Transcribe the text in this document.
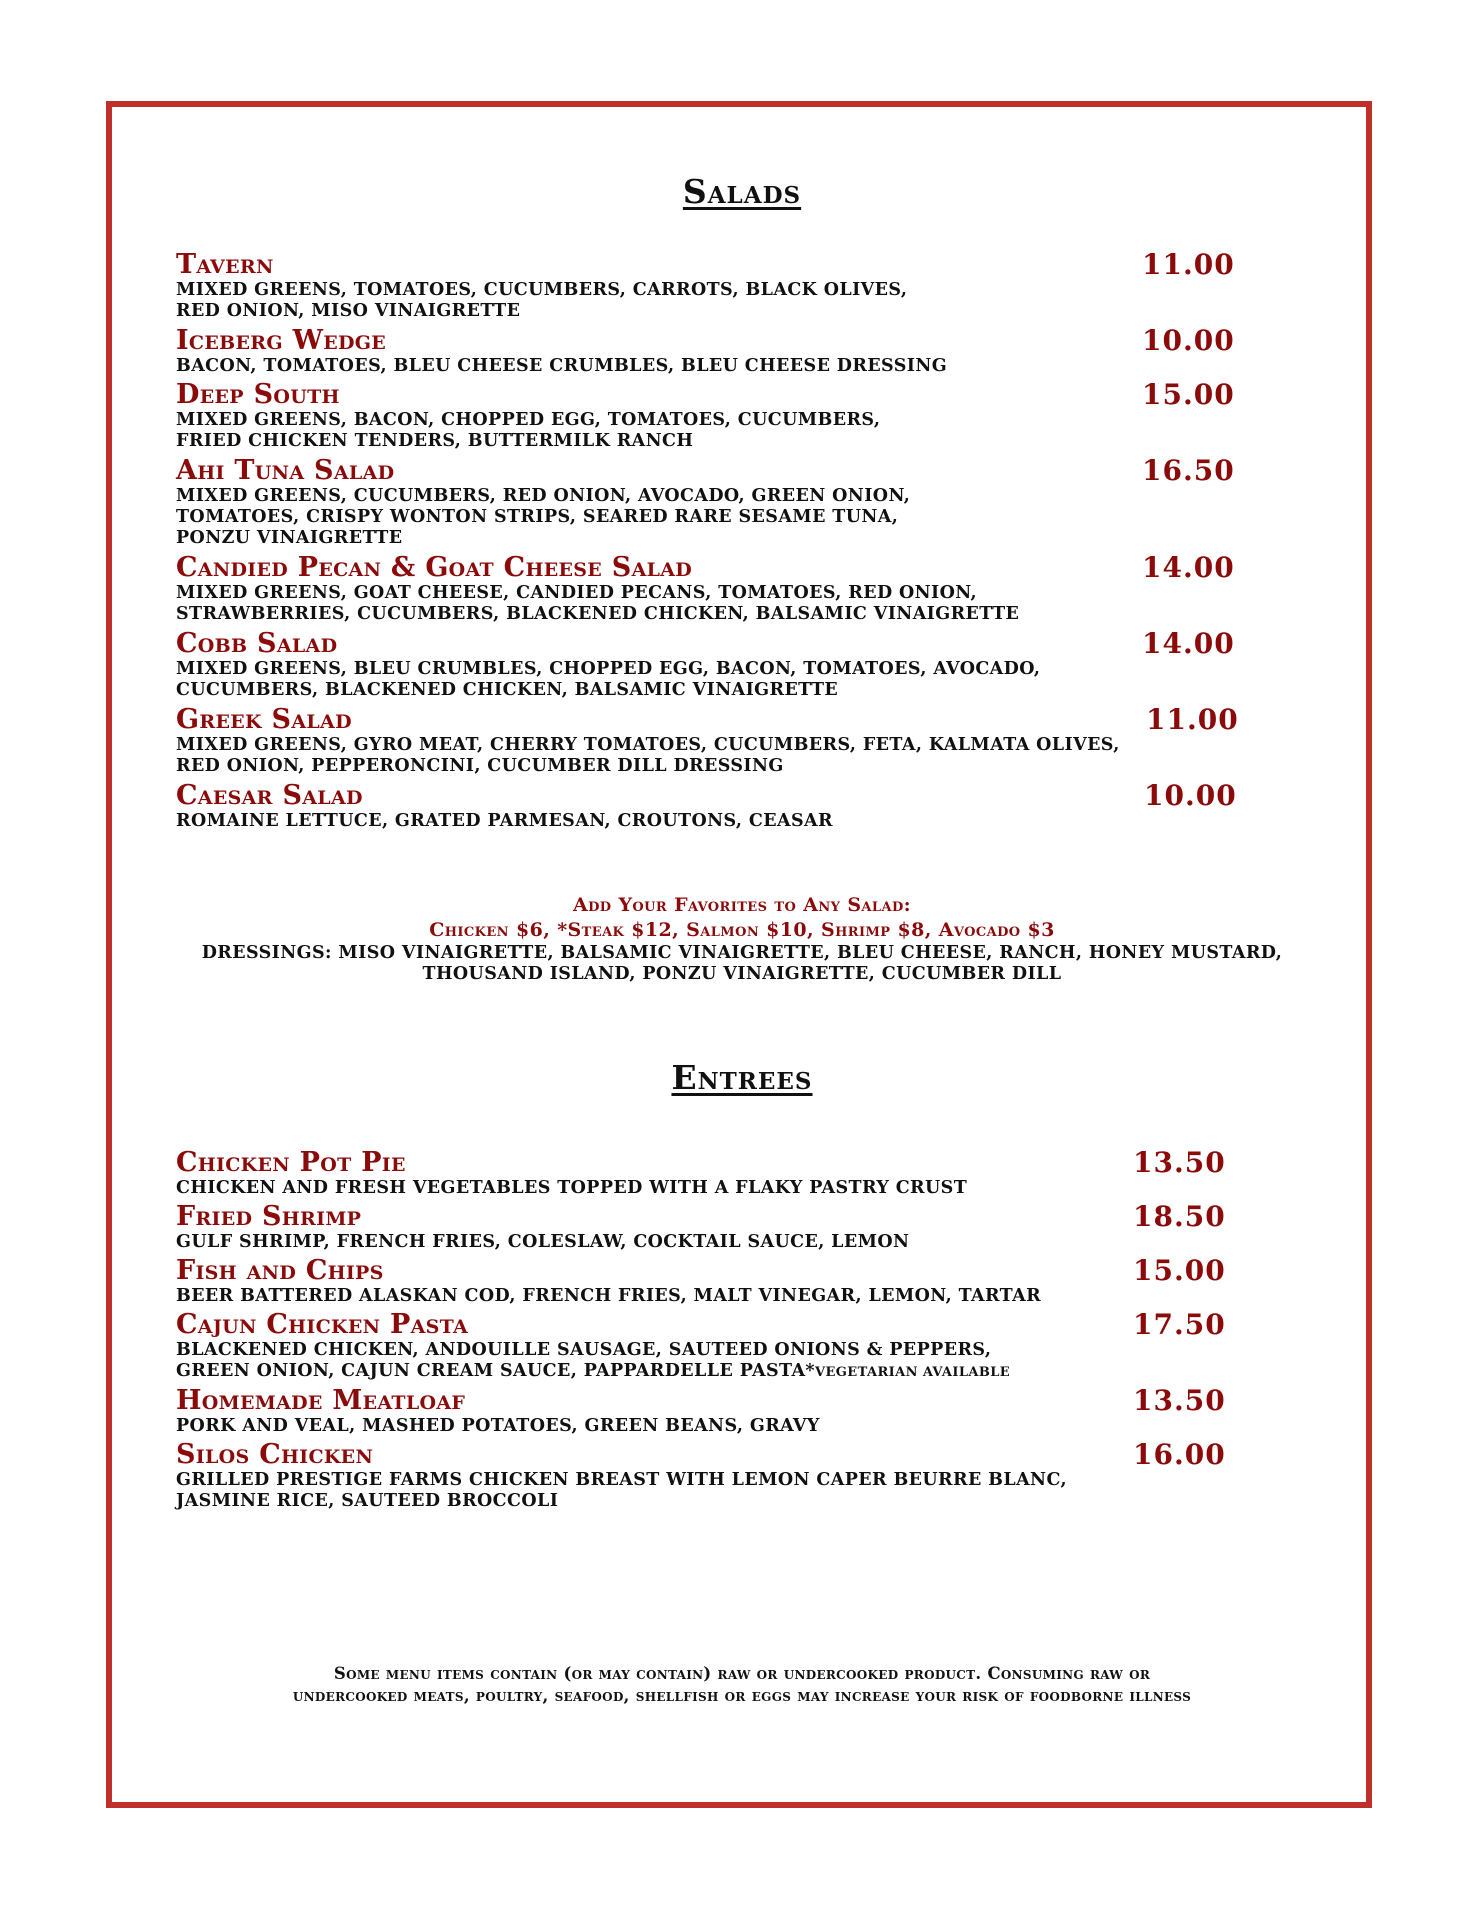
Salads
Tavern	11.00
MIXED GREENS, TOMATOES, CUCUMBERS, CARROTS, BLACK OLIVES,
RED ONION, MISO VINAIGRETTE
Iceberg Wedge	10.00
BACON, TOMATOES, BLEU CHEESE CRUMBLES, BLEU CHEESE DRESSING
Deep South	15.00
MIXED GREENS, BACON, CHOPPED EGG, TOMATOES, CUCUMBERS,
FRIED CHICKEN TENDERS, BUTTERMILK RANCH
Ahi Tuna Salad	16.50
MIXED GREENS, CUCUMBERS, RED ONION, AVOCADO, GREEN ONION,
TOMATOES, CRISPY WONTON STRIPS, SEARED RARE SESAME TUNA,
PONZU VINAIGRETTE
Candied Pecan & Goat Cheese Salad	14.00
MIXED GREENS, GOAT CHEESE, CANDIED PECANS, TOMATOES, RED ONION,
STRAWBERRIES, CUCUMBERS, BLACKENED CHICKEN, BALSAMIC VINAIGRETTE
Cobb Salad	14.00
MIXED GREENS, BLEU CRUMBLES, CHOPPED EGG, BACON, TOMATOES, AVOCADO,
CUCUMBERS, BLACKENED CHICKEN, BALSAMIC VINAIGRETTE
Greek Salad	11.00
MIXED GREENS, GYRO MEAT, CHERRY TOMATOES, CUCUMBERS, FETA, KALMATA OLIVES,
RED ONION, PEPPERONCINI, CUCUMBER DILL DRESSING
Caesar Salad	10.00
ROMAINE LETTUCE, GRATED PARMESAN, CROUTONS, CEASAR
Add Your Favorites to Any Salad:
Chicken $6, *Steak $12, Salmon $10, Shrimp $8, Avocado $3
DRESSINGS: MISO VINAIGRETTE, BALSAMIC VINAIGRETTE, BLEU CHEESE, RANCH, HONEY MUSTARD,
THOUSAND ISLAND, PONZU VINAIGRETTE, CUCUMBER DILL
Entrees
Chicken Pot Pie	13.50
CHICKEN AND FRESH VEGETABLES TOPPED WITH A FLAKY PASTRY CRUST
Fried Shrimp	18.50
GULF SHRIMP, FRENCH FRIES, COLESLAW, COCKTAIL SAUCE, LEMON
Fish and Chips	15.00
BEER BATTERED ALASKAN COD, FRENCH FRIES, MALT VINEGAR, LEMON, TARTAR
Cajun Chicken Pasta	17.50
BLACKENED CHICKEN, ANDOUILLE SAUSAGE, SAUTEED ONIONS & PEPPERS,
GREEN ONION, CAJUN CREAM SAUCE, PAPPARDELLE PASTA*VEGETARIAN AVAILABLE
Homemade Meatloaf	13.50
PORK AND VEAL, MASHED POTATOES, GREEN BEANS, GRAVY
Silos Chicken	16.00
GRILLED PRESTIGE FARMS CHICKEN BREAST WITH LEMON CAPER BEURRE BLANC,
JASMINE RICE, SAUTEED BROCCOLI
Some menu items contain (or may contain) raw or undercooked product. Consuming raw or
undercooked meats, poultry, seafood, shellfish or eggs may increase your risk of foodborne illness
